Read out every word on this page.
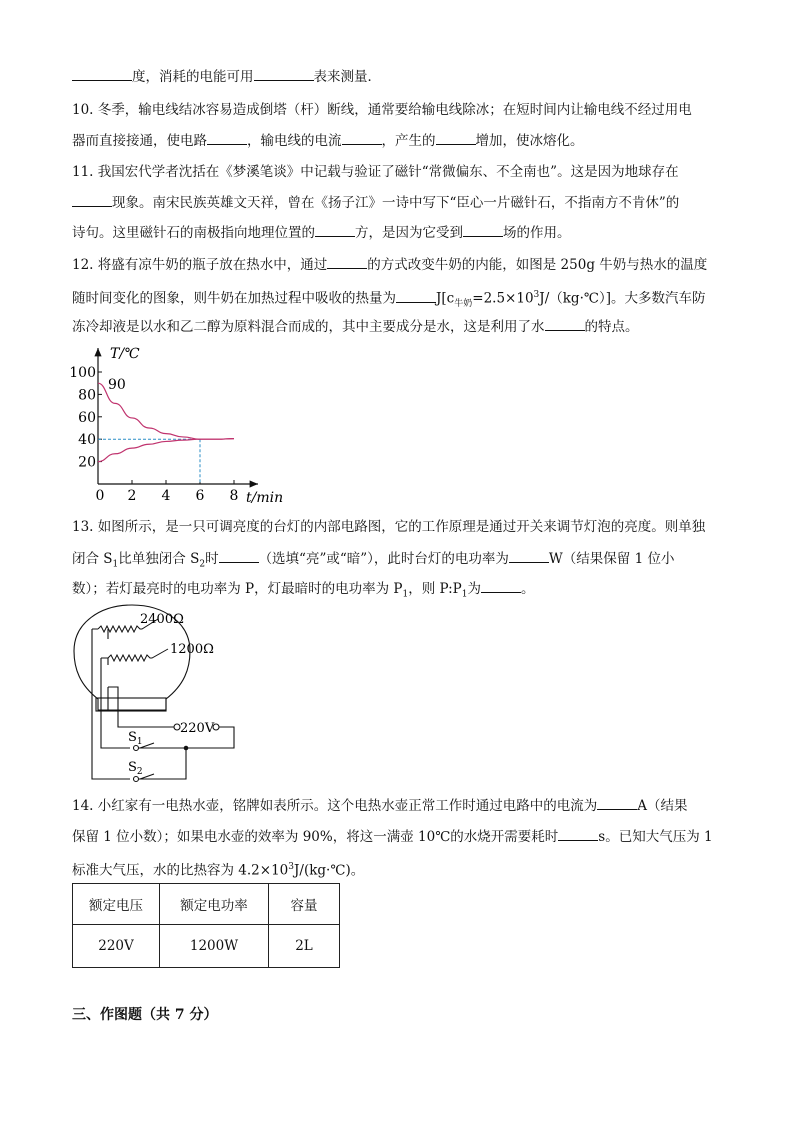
度，消耗的电能可用	表来测量．
10. 冬季，输电线结冰容易造成倒塔（杆）断线，通常要给输电线除冰；在短时间内让输电线不经过用电
器而直接接通，使电路	，输电线的电流	，产生的	增加，使冰熔化。
11. 我国宏代学者沈括在《梦溪笔谈》中记载与验证了磁针“常微偏东、不全南也”。这是因为地球存在
现象。南宋民族英雄文天祥，曾在《扬子江》一诗中写下“臣心一片磁针石，不指南方不肯休”的
诗句。这里磁针石的南极指向地理位置的	方，是因为它受到	场的作用。
12. 将盛有凉牛奶的瓶子放在热水中，通过	的方式改变牛奶的内能，如图是 250g 牛奶与热水的温度
随时间变化的图象，则牛奶在加热过程中吸收的热量为	$J[c_{牛奶}=2.5\times 10^3J/(kg\cdot℃)]$。大多数汽车防
冻冷却液是以水和乙二醇为原料混合而成的，其中主要成分是水，这是利用了水	的特点。
T/℃
t/min
0 2 4 6 8
20
40
60
80
100
90
13. 如图所示，是一只可调亮度的台灯的内部电路图，它的工作原理是通过开关来调节灯泡的亮度。则单独
闭合 $S_1$比单独闭合 $S_2$时	（选填“亮”或“暗”），此时台灯的电功率为	W（结果保留 1 位小
数）；若灯最亮时的电功率为 P，灯最暗时的电功率为 $P_1$，则 $P:P_1$为	。
2400Ω
1200Ω
220V
$S_1$
$S_2$
14. 小红家有一电热水壶，铭牌如表所示。这个电热水壶正常工作时通过电路中的电流为	A（结果
保留 1 位小数）；如果电水壶的效率为 90%，将这一满壶 10℃的水烧开需要耗时	s。已知大气压为 1
标准大气压，水的比热容为 $4.2\times 10^3J/(kg\cdot℃)$。
额定电压	额定电功率	容量
220V	1200W	2L
三、作图题（共 7 分）
